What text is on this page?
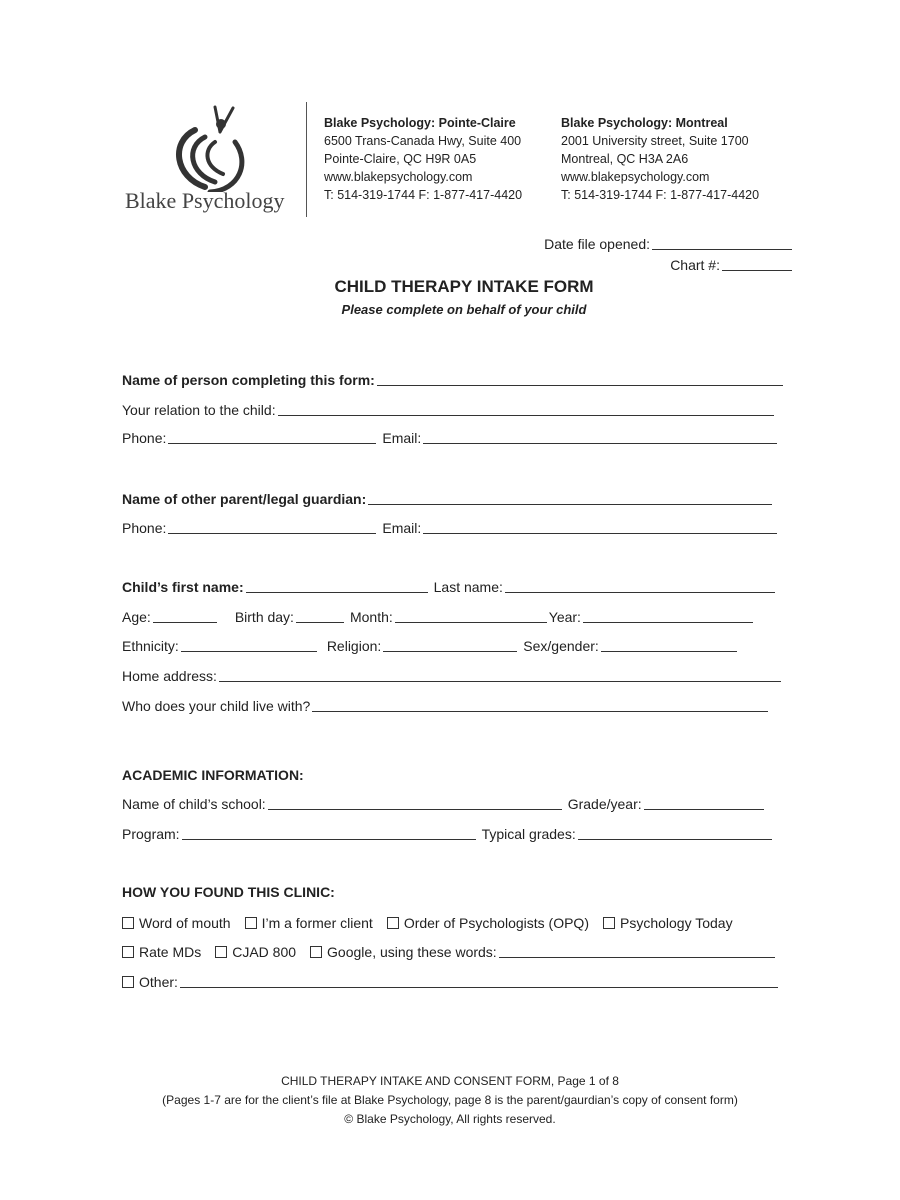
Blake Psychology
Blake Psychology: Pointe-Claire
6500 Trans-Canada Hwy, Suite 400
Pointe-Claire, QC H9R 0A5
www.blakepsychology.com
T: 514-319-1744 F: 1-877-417-4420
Blake Psychology: Montreal
2001 University street, Suite 1700
Montreal, QC H3A 2A6
www.blakepsychology.com
T: 514-319-1744 F: 1-877-417-4420
Date file opened:
Chart #:
CHILD THERAPY INTAKE FORM
Please complete on behalf of your child
Name of person completing this form:
Your relation to the child:
Phone:	Email:
Name of other parent/legal guardian:
Phone:	Email:
Child’s first name:	Last name:
Age:	Birth day:	Month:	Year:
Ethnicity:	Religion:	Sex/gender:
Home address:
Who does your child live with?
ACADEMIC INFORMATION:
Name of child’s school:	Grade/year:
Program:	Typical grades:
HOW YOU FOUND THIS CLINIC:
Word of mouth I’m a former client Order of Psychologists (OPQ) Psychology Today
Rate MDs CJAD 800 Google, using these words:
Other:
CHILD THERAPY INTAKE AND CONSENT FORM, Page 1 of 8
(Pages 1-7 are for the client’s file at Blake Psychology, page 8 is the parent/gaurdian’s copy of consent form)
© Blake Psychology, All rights reserved.
